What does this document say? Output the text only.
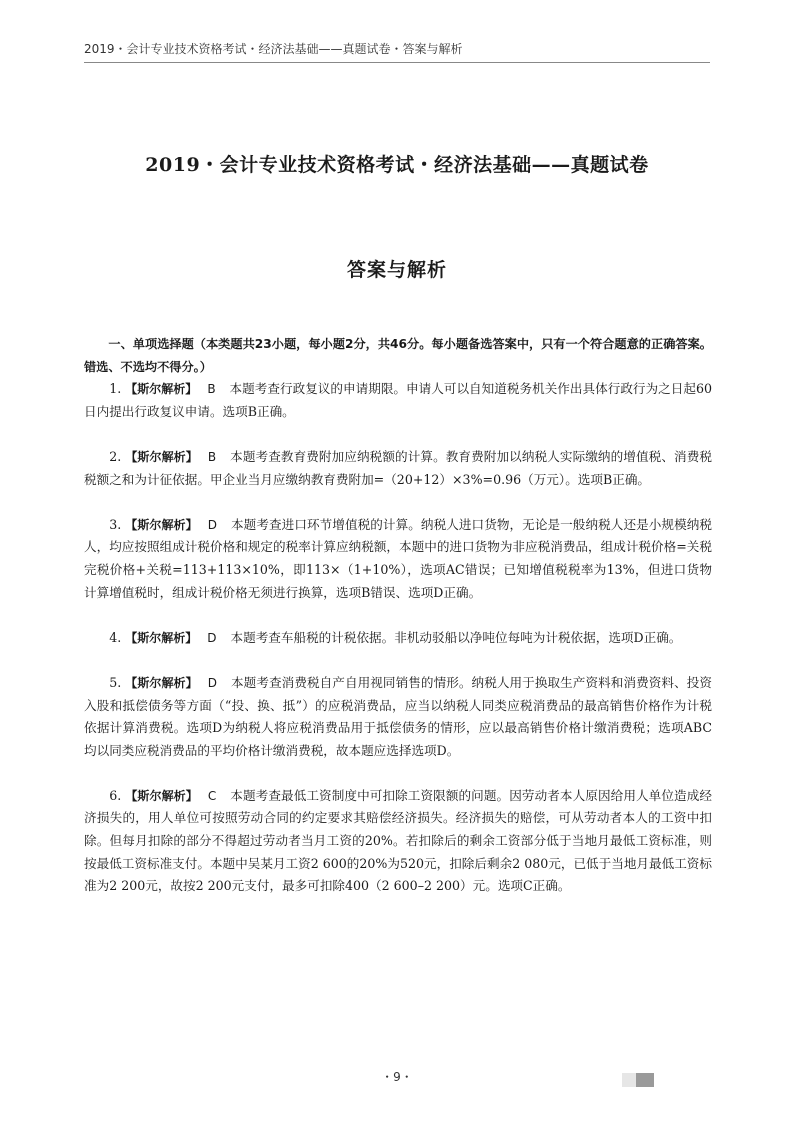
2019・会计专业技术资格考试・经济法基础——真题试卷・答案与解析
2019・会计专业技术资格考试・经济法基础——真题试卷
答案与解析

一、单项选择题（本类题共23小题，每小题2分，共46分。每小题备选答案中，只有一个符合题意的正确答案。错选、不选均不得分。）

1. 【斯尔解析】 B 本题考查行政复议的申请期限。申请人可以自知道税务机关作出具体行政行为之日起60日内提出行政复议申请。选项B正确。

2. 【斯尔解析】 B 本题考查教育费附加应纳税额的计算。教育费附加以纳税人实际缴纳的增值税、消费税税额之和为计征依据。甲企业当月应缴纳教育费附加=（20+12）×3%=0.96（万元）。选项B正确。

3. 【斯尔解析】 D 本题考查进口环节增值税的计算。纳税人进口货物，无论是一般纳税人还是小规模纳税人，均应按照组成计税价格和规定的税率计算应纳税额，本题中的进口货物为非应税消费品，组成计税价格=关税完税价格+关税=113+113×10%，即113×（1+10%），选项AC错误；已知增值税税率为13%，但进口货物计算增值税时，组成计税价格无须进行换算，选项B错误、选项D正确。

4. 【斯尔解析】 D 本题考查车船税的计税依据。非机动驳船以净吨位每吨为计税依据，选项D正确。

5. 【斯尔解析】 D 本题考查消费税自产自用视同销售的情形。纳税人用于换取生产资料和消费资料、投资入股和抵偿债务等方面（“投、换、抵”）的应税消费品，应当以纳税人同类应税消费品的最高销售价格作为计税依据计算消费税。选项D为纳税人将应税消费品用于抵偿债务的情形，应以最高销售价格计缴消费税；选项ABC均以同类应税消费品的平均价格计缴消费税，故本题应选择选项D。

6. 【斯尔解析】 C 本题考查最低工资制度中可扣除工资限额的问题。因劳动者本人原因给用人单位造成经济损失的，用人单位可按照劳动合同的约定要求其赔偿经济损失。经济损失的赔偿，可从劳动者本人的工资中扣除。但每月扣除的部分不得超过劳动者当月工资的20%。若扣除后的剩余工资部分低于当地月最低工资标准，则按最低工资标准支付。本题中吴某月工资2 600的20%为520元，扣除后剩余2 080元，已低于当地月最低工资标准为2 200元，故按2 200元支付，最多可扣除400（2 600–2 200）元。选项C正确。

・9・
